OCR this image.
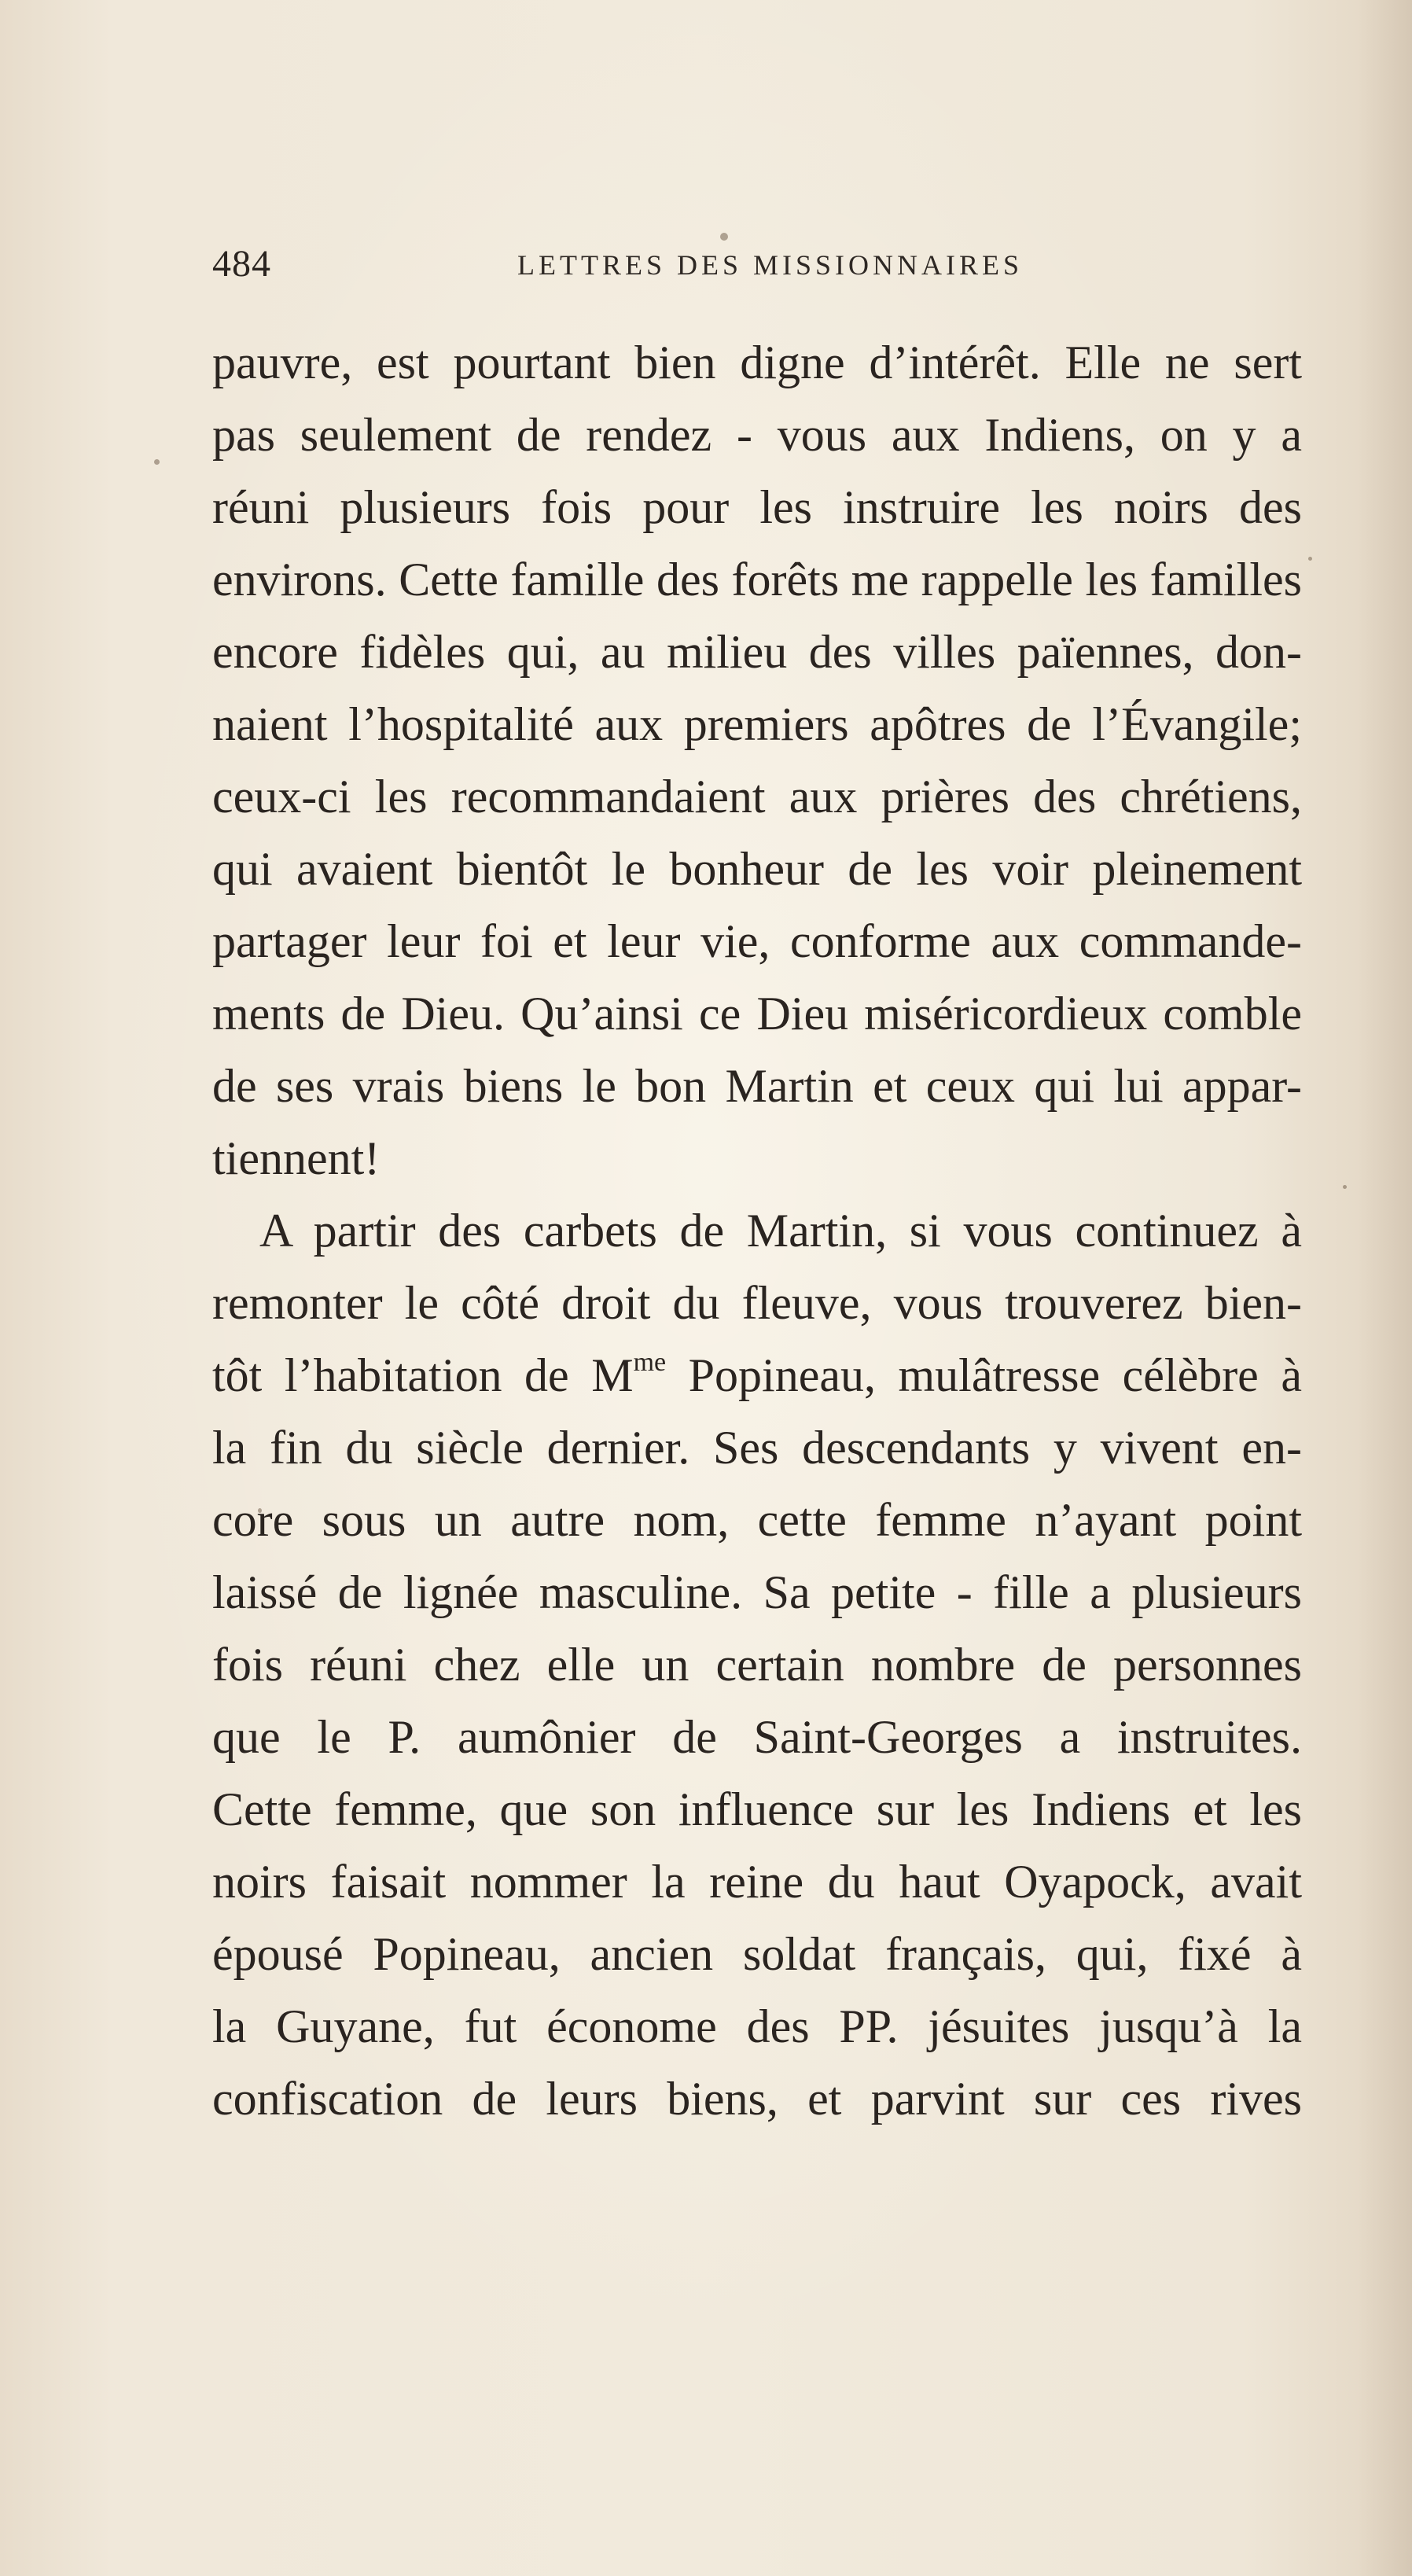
484	LETTRES DES MISSIONNAIRES
pauvre, est pourtant bien digne d’intérêt. Elle ne sert
pas seulement de rendez - vous aux Indiens, on y a
réuni plusieurs fois pour les instruire les noirs des
environs. Cette famille des forêts me rappelle les familles
encore fidèles qui, au milieu des villes païennes, don-
naient l’hospitalité aux premiers apôtres de l’Évangile;
ceux-ci les recommandaient aux prières des chrétiens,
qui avaient bientôt le bonheur de les voir pleinement
partager leur foi et leur vie, conforme aux commande-
ments de Dieu. Qu’ainsi ce Dieu miséricordieux comble
de ses vrais biens le bon Martin et ceux qui lui appar-
tiennent!
A partir des carbets de Martin, si vous continuez à
remonter le côté droit du fleuve, vous trouverez bien-
tôt l’habitation de $M^{me}$ Popineau, mulâtresse célèbre à
la fin du siècle dernier. Ses descendants y vivent en-
core sous un autre nom, cette femme n’ayant point
laissé de lignée masculine. Sa petite - fille a plusieurs
fois réuni chez elle un certain nombre de personnes
que le P. aumônier de Saint-Georges a instruites.
Cette femme, que son influence sur les Indiens et les
noirs faisait nommer la reine du haut Oyapock, avait
épousé Popineau, ancien soldat français, qui, fixé à
la Guyane, fut économe des PP. jésuites jusqu’à la
confiscation de leurs biens, et parvint sur ces rives
